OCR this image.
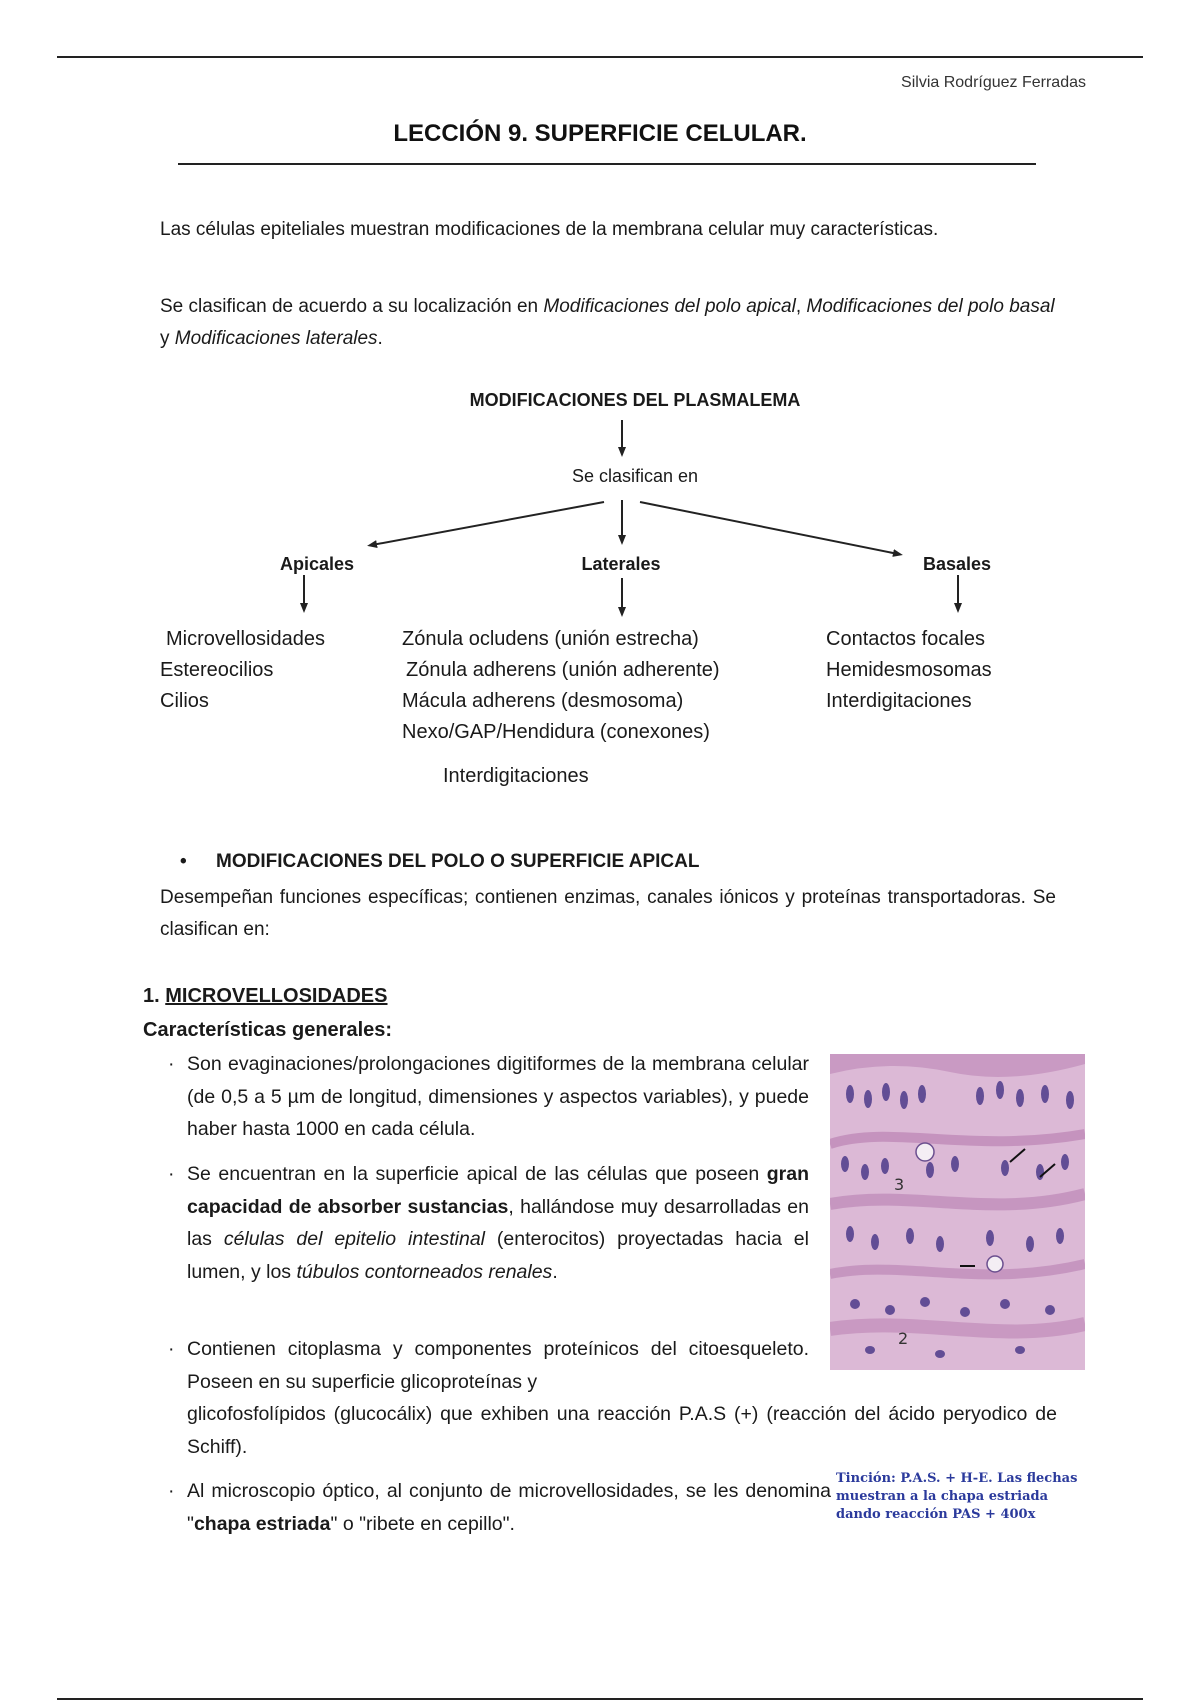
Silvia Rodríguez Ferradas
LECCIÓN 9. SUPERFICIE CELULAR.
Las células epiteliales muestran modificaciones de la membrana celular muy características.
Se clasifican de acuerdo a su localización en Modificaciones del polo apical, Modificaciones del polo basal y Modificaciones laterales.
MODIFICACIONES DEL PLASMALEMA
Se clasifican en
Apicales	Laterales	Basales
Microvellosidades
Estereocilios
Cilios
Zónula ocludens (unión estrecha)
Zónula adherens (unión adherente)
Mácula adherens (desmosoma)
Nexo/GAP/Hendidura (conexones)
Interdigitaciones
Contactos focales
Hemidesmosomas
Interdigitaciones
• MODIFICACIONES DEL POLO O SUPERFICIE APICAL
Desempeñan funciones específicas; contienen enzimas, canales iónicos y proteínas transportadoras. Se clasifican en:
1. MICROVELLOSIDADES
Características generales:
· Son evaginaciones/prolongaciones digitiformes de la membrana celular (de 0,5 a 5 µm de longitud, dimensiones y aspectos variables), y puede haber hasta 1000 en cada célula.
· Se encuentran en la superficie apical de las células que poseen gran capacidad de absorber sustancias, hallándose muy desarrolladas en las células del epitelio intestinal (enterocitos) proyectadas hacia el lumen, y los túbulos contorneados renales.
· Contienen citoplasma y componentes proteínicos del citoesqueleto. Poseen en su superficie glicoproteínas y
glicofosfolípidos (glucocálix) que exhiben una reacción P.A.S (+) (reacción del ácido peryodico de Schiff).
· Al microscopio óptico, al conjunto de microvellosidades, se les denomina "chapa estriada" o "ribete en cepillo".
3
2
Tinción: P.A.S. + H-E. Las flechas muestran a la chapa estriada dando reacción PAS + 400x
